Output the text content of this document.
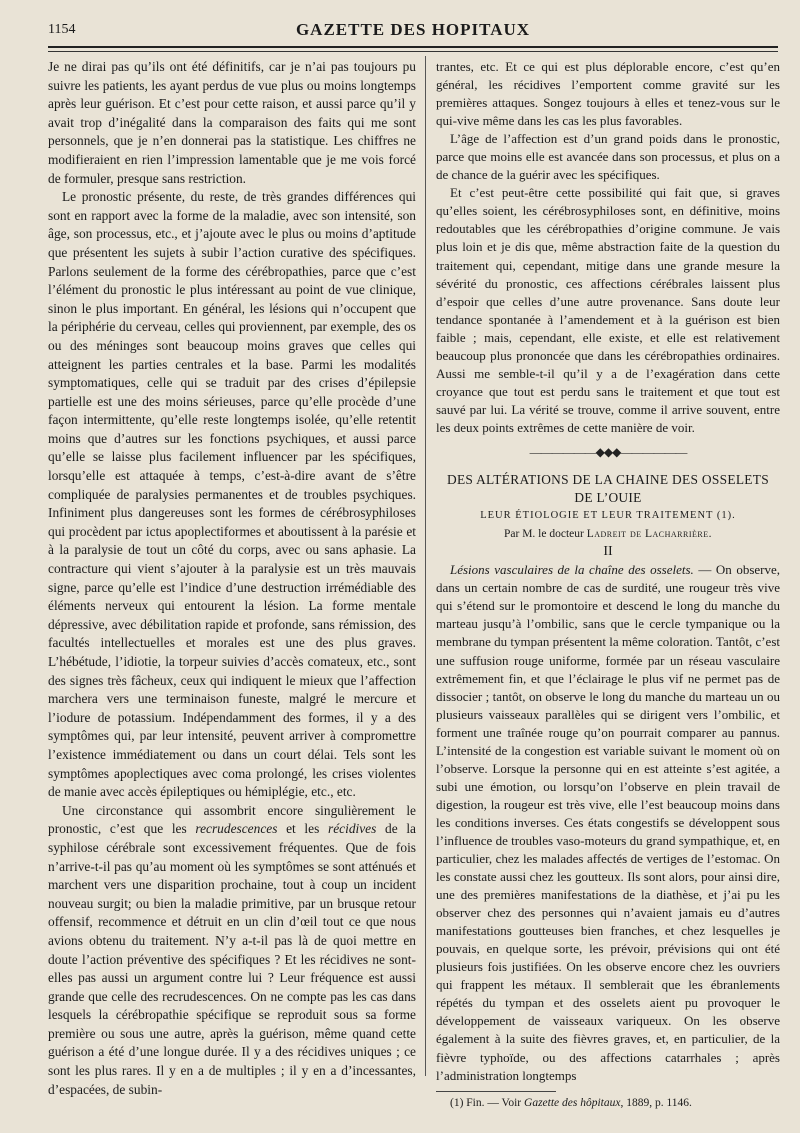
1154	GAZETTE DES HOPITAUX

Je ne dirai pas qu’ils ont été définitifs, car je n’ai pas toujours pu suivre les patients, les ayant perdus de vue plus ou moins longtemps après leur guérison. Et c’est pour cette raison, et aussi parce qu’il y avait trop d’inégalité dans la comparaison des faits qui me sont personnels, que je n’en donnerai pas la statistique. Les chiffres ne modifieraient en rien l’impression lamentable que je me vois forcé de formuler, presque sans restriction.

Le pronostic présente, du reste, de très grandes différences qui sont en rapport avec la forme de la maladie, avec son intensité, son âge, son processus, etc., et j’ajoute avec le plus ou moins d’aptitude que présentent les sujets à subir l’action curative des spécifiques. Parlons seulement de la forme des cérébropathies, parce que c’est l’élément du pronostic le plus intéressant au point de vue clinique, sinon le plus important. En général, les lésions qui n’occupent que la périphérie du cerveau, celles qui proviennent, par exemple, des os ou des méninges sont beaucoup moins graves que celles qui atteignent les parties centrales et la base. Parmi les modalités symptomatiques, celle qui se traduit par des crises d’épilepsie partielle est une des moins sérieuses, parce qu’elle procède d’une façon intermittente, qu’elle reste longtemps isolée, qu’elle retentit moins que d’autres sur les fonctions psychiques, et aussi parce qu’elle se laisse plus facilement influencer par les spécifiques, lorsqu’elle est attaquée à temps, c’est-à-dire avant de s’être compliquée de paralysies permanentes et de troubles psychiques. Infiniment plus dangereuses sont les formes de cérébrosyphiloses qui procèdent par ictus apoplectiformes et aboutissent à la parésie et à la paralysie de tout un côté du corps, avec ou sans aphasie. La contracture qui vient s’ajouter à la paralysie est un très mauvais signe, parce qu’elle est l’indice d’une destruction irrémédiable des éléments nerveux qui entourent la lésion. La forme mentale dépressive, avec débilitation rapide et profonde, sans rémission, des facultés intellectuelles et morales est une des plus graves. L’hébétude, l’idiotie, la torpeur suivies d’accès comateux, etc., sont des signes très fâcheux, ceux qui indiquent le mieux que l’affection marchera vers une terminaison funeste, malgré le mercure et l’iodure de potassium. Indépendamment des formes, il y a des symptômes qui, par leur intensité, peuvent arriver à compromettre l’existence immédiatement ou dans un court délai. Tels sont les symptômes apoplectiques avec coma prolongé, les crises violentes de manie avec accès épileptiques ou hémiplégie, etc., etc.

Une circonstance qui assombrit encore singulièrement le pronostic, c’est que les recrudescences et les récidives de la syphilose cérébrale sont excessivement fréquentes. Que de fois n’arrive-t-il pas qu’au moment où les symptômes se sont atténués et marchent vers une disparition prochaine, tout à coup un incident nouveau surgit; ou bien la maladie primitive, par un brusque retour offensif, recommence et détruit en un clin d’œil tout ce que nous avions obtenu du traitement. N’y a-t-il pas là de quoi mettre en doute l’action préventive des spécifiques ? Et les récidives ne sont-elles pas aussi un argument contre lui ? Leur fréquence est aussi grande que celle des recrudescences. On ne compte pas les cas dans lesquels la cérébropathie spécifique se reproduit sous sa forme première ou sous une autre, après la guérison, même quand cette guérison a été d’une longue durée. Il y a des récidives uniques ; ce sont les plus rares. Il y en a de multiples ; il y en a d’incessantes, d’espacées, de subin-

trantes, etc. Et ce qui est plus déplorable encore, c’est qu’en général, les récidives l’emportent comme gravité sur les premières attaques. Songez toujours à elles et tenez-vous sur le qui-vive même dans les cas les plus favorables.

L’âge de l’affection est d’un grand poids dans le pronostic, parce que moins elle est avancée dans son processus, et plus on a de chance de la guérir avec les spécifiques.

Et c’est peut-être cette possibilité qui fait que, si graves qu’elles soient, les cérébrosyphiloses sont, en définitive, moins redoutables que les cérébropathies d’origine commune. Je vais plus loin et je dis que, même abstraction faite de la question du traitement qui, cependant, mitige dans une grande mesure la sévérité du pronostic, ces affections cérébrales laissent plus d’espoir que celles d’une autre provenance. Sans doute leur tendance spontanée à l’amendement et à la guérison est bien faible ; mais, cependant, elle existe, et elle est relativement beaucoup plus prononcée que dans les cérébropathies ordinaires. Aussi me semble-t-il qu’il y a de l’exagération dans cette croyance que tout est perdu sans le traitement et que tout est sauvé par lui. La vérité se trouve, comme il arrive souvent, entre les deux points extrêmes de cette manière de voir.

——————◆◆◆——————

DES ALTÉRATIONS DE LA CHAINE DES OSSELETS DE L’OUIE

LEUR ÉTIOLOGIE ET LEUR TRAITEMENT (1).

Par M. le docteur Ladreit de Lacharrière.

II

Lésions vasculaires de la chaîne des osselets. — On observe, dans un certain nombre de cas de surdité, une rougeur très vive qui s’étend sur le promontoire et descend le long du manche du marteau jusqu’à l’ombilic, sans que le cercle tympanique ou la membrane du tympan présentent la même coloration. Tantôt, c’est une suffusion rouge uniforme, formée par un réseau vasculaire extrêmement fin, et que l’éclairage le plus vif ne permet pas de dissocier ; tantôt, on observe le long du manche du marteau un ou plusieurs vaisseaux parallèles qui se dirigent vers l’ombilic, et forment une traînée rouge qu’on pourrait comparer au pannus. L’intensité de la congestion est variable suivant le moment où on l’observe. Lorsque la personne qui en est atteinte s’est agitée, a subi une émotion, ou lorsqu’on l’observe en plein travail de digestion, la rougeur est très vive, elle l’est beaucoup moins dans les conditions inverses. Ces états congestifs se développent sous l’influence de troubles vaso-moteurs du grand sympathique, et, en particulier, chez les malades affectés de vertiges de l’estomac. On les constate aussi chez les goutteux. Ils sont alors, pour ainsi dire, une des premières manifestations de la diathèse, et j’ai pu les observer chez des personnes qui n’avaient jamais eu d’autres manifestations goutteuses bien franches, et chez lesquelles je pouvais, en quelque sorte, les prévoir, prévisions qui ont été plusieurs fois justifiées. On les observe encore chez les ouvriers qui frappent les métaux. Il semblerait que les ébranlements répétés du tympan et des osselets aient pu provoquer le développement de vaisseaux variqueux. On les observe également à la suite des fièvres graves, et, en particulier, de la fièvre typhoïde, ou des affections catarrhales ; après l’administration longtemps

(1) Fin. — Voir Gazette des hôpitaux, 1889, p. 1146.
